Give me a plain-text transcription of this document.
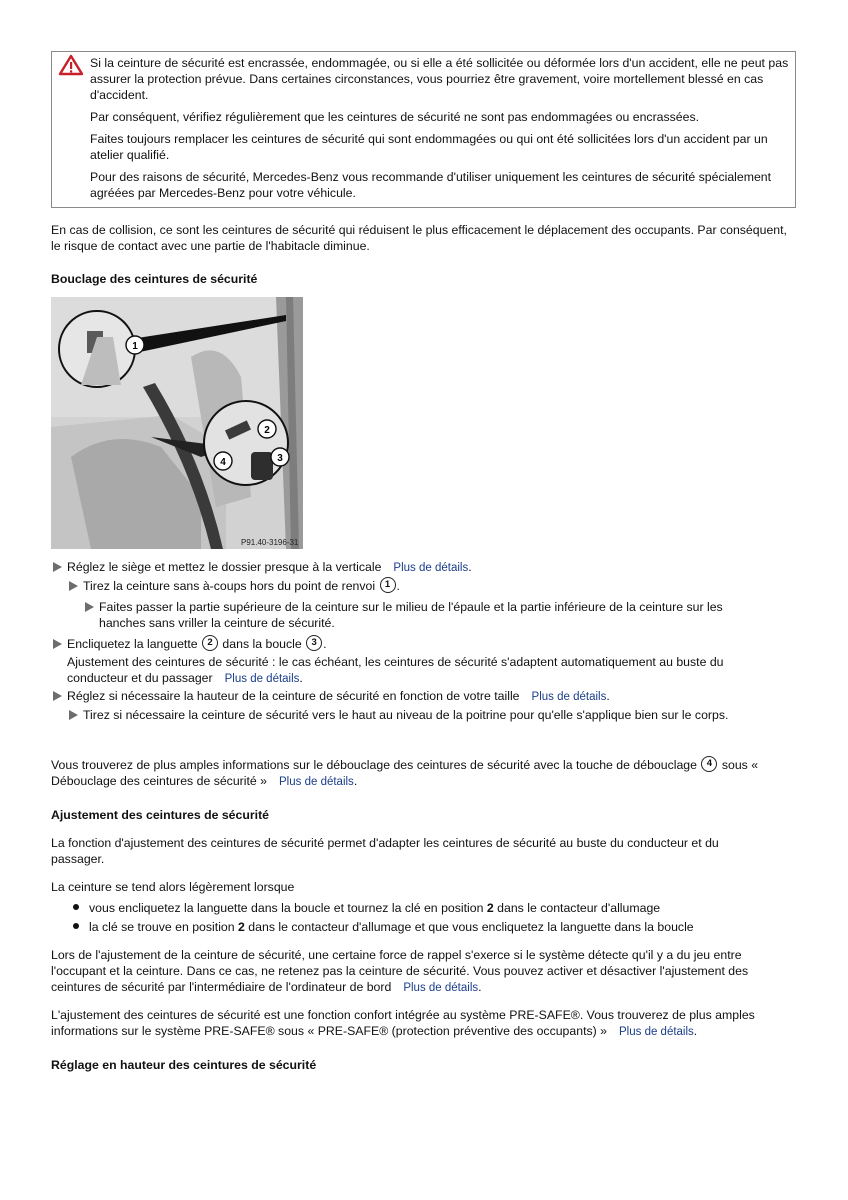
Si la ceinture de sécurité est encrassée, endommagée, ou si elle a été sollicitée ou déformée lors d'un accident, elle ne peut pas assurer la protection prévue. Dans certaines circonstances, vous pourriez être gravement, voire mortellement blessé en cas d'accident.

Par conséquent, vérifiez régulièrement que les ceintures de sécurité ne sont pas endommagées ou encrassées.

Faites toujours remplacer les ceintures de sécurité qui sont endommagées ou qui ont été sollicitées lors d'un accident par un atelier qualifié.

Pour des raisons de sécurité, Mercedes-Benz vous recommande d'utiliser uniquement les ceintures de sécurité spécialement agréées par Mercedes-Benz pour votre véhicule.

En cas de collision, ce sont les ceintures de sécurité qui réduisent le plus efficacement le déplacement des occupants. Par conséquent, le risque de contact avec une partie de l'habitacle diminue.
Bouclage des ceintures de sécurité
1
2
3
4
P91.40-3196-31
Réglez le siège et mettez le dossier presque à la verticale Plus de détails.
Tirez la ceinture sans à-coups hors du point de renvoi 1 .
Faites passer la partie supérieure de la ceinture sur le milieu de l'épaule et la partie inférieure de la ceinture sur les
hanches sans vriller la ceinture de sécurité.
Encliquetez la languette 2 dans la boucle 3 .
Ajustement des ceintures de sécurité : le cas échéant, les ceintures de sécurité s'adaptent automatiquement au buste du
conducteur et du passager Plus de détails.
Réglez si nécessaire la hauteur de la ceinture de sécurité en fonction de votre taille Plus de détails.
Tirez si nécessaire la ceinture de sécurité vers le haut au niveau de la poitrine pour qu'elle s'applique bien sur le corps.
Vous trouverez de plus amples informations sur le débouclage des ceintures de sécurité avec la touche de débouclage 4 sous «
Débouclage des ceintures de sécurité » Plus de détails.
Ajustement des ceintures de sécurité
La fonction d'ajustement des ceintures de sécurité permet d'adapter les ceintures de sécurité au buste du conducteur et du
passager.
La ceinture se tend alors légèrement lorsque
vous encliquetez la languette dans la boucle et tournez la clé en position 2 dans le contacteur d'allumage
la clé se trouve en position 2 dans le contacteur d'allumage et que vous encliquetez la languette dans la boucle
Lors de l'ajustement de la ceinture de sécurité, une certaine force de rappel s'exerce si le système détecte qu'il y a du jeu entre
l'occupant et la ceinture. Dans ce cas, ne retenez pas la ceinture de sécurité. Vous pouvez activer et désactiver l'ajustement des
ceintures de sécurité par l'intermédiaire de l'ordinateur de bord Plus de détails.
L'ajustement des ceintures de sécurité est une fonction confort intégrée au système PRE-SAFE®. Vous trouverez de plus amples
informations sur le système PRE-SAFE® sous « PRE-SAFE® (protection préventive des occupants) » Plus de détails.
Réglage en hauteur des ceintures de sécurité
